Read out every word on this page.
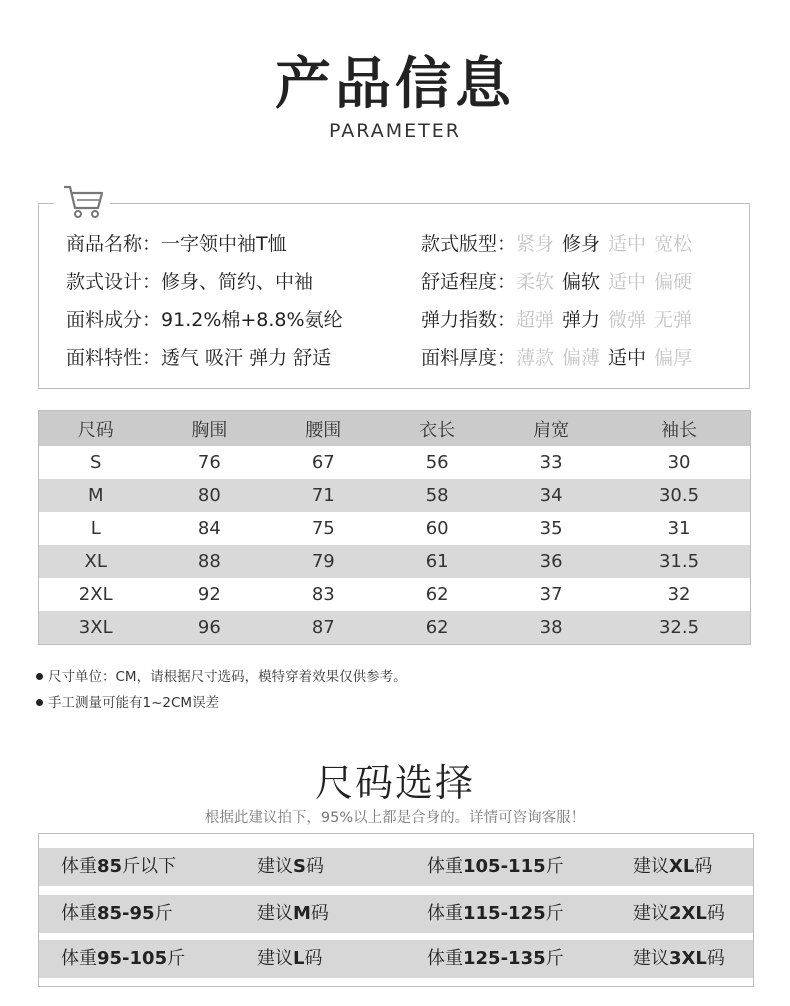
产品信息
PARAMETER
商品名称：一字领中袖T恤
款式设计：修身、简约、中袖
面料成分：91.2%棉+8.8%氨纶
面料特性：透气 吸汗 弹力 舒适
款式版型：紧身 修身 适中 宽松
舒适程度：柔软 偏软 适中 偏硬
弹力指数：超弹 弹力 微弹 无弹
面料厚度：薄款 偏薄 适中 偏厚
尺码	胸围	腰围	衣长	肩宽	袖长
S	76	67	56	33	30
M	80	71	58	34	30.5
L	84	75	60	35	31
XL	88	79	61	36	31.5
2XL	92	83	62	37	32
3XL	96	87	62	38	32.5
尺寸单位：CM，请根据尺寸选码，模特穿着效果仅供参考。
手工测量可能有1~2CM误差
尺码选择
根据此建议拍下，95%以上都是合身的。详情可咨询客服！
体重85斤以下	建议S码	体重105-115斤	建议XL码
体重85-95斤	建议M码	体重115-125斤	建议2XL码
体重95-105斤	建议L码	体重125-135斤	建议3XL码
